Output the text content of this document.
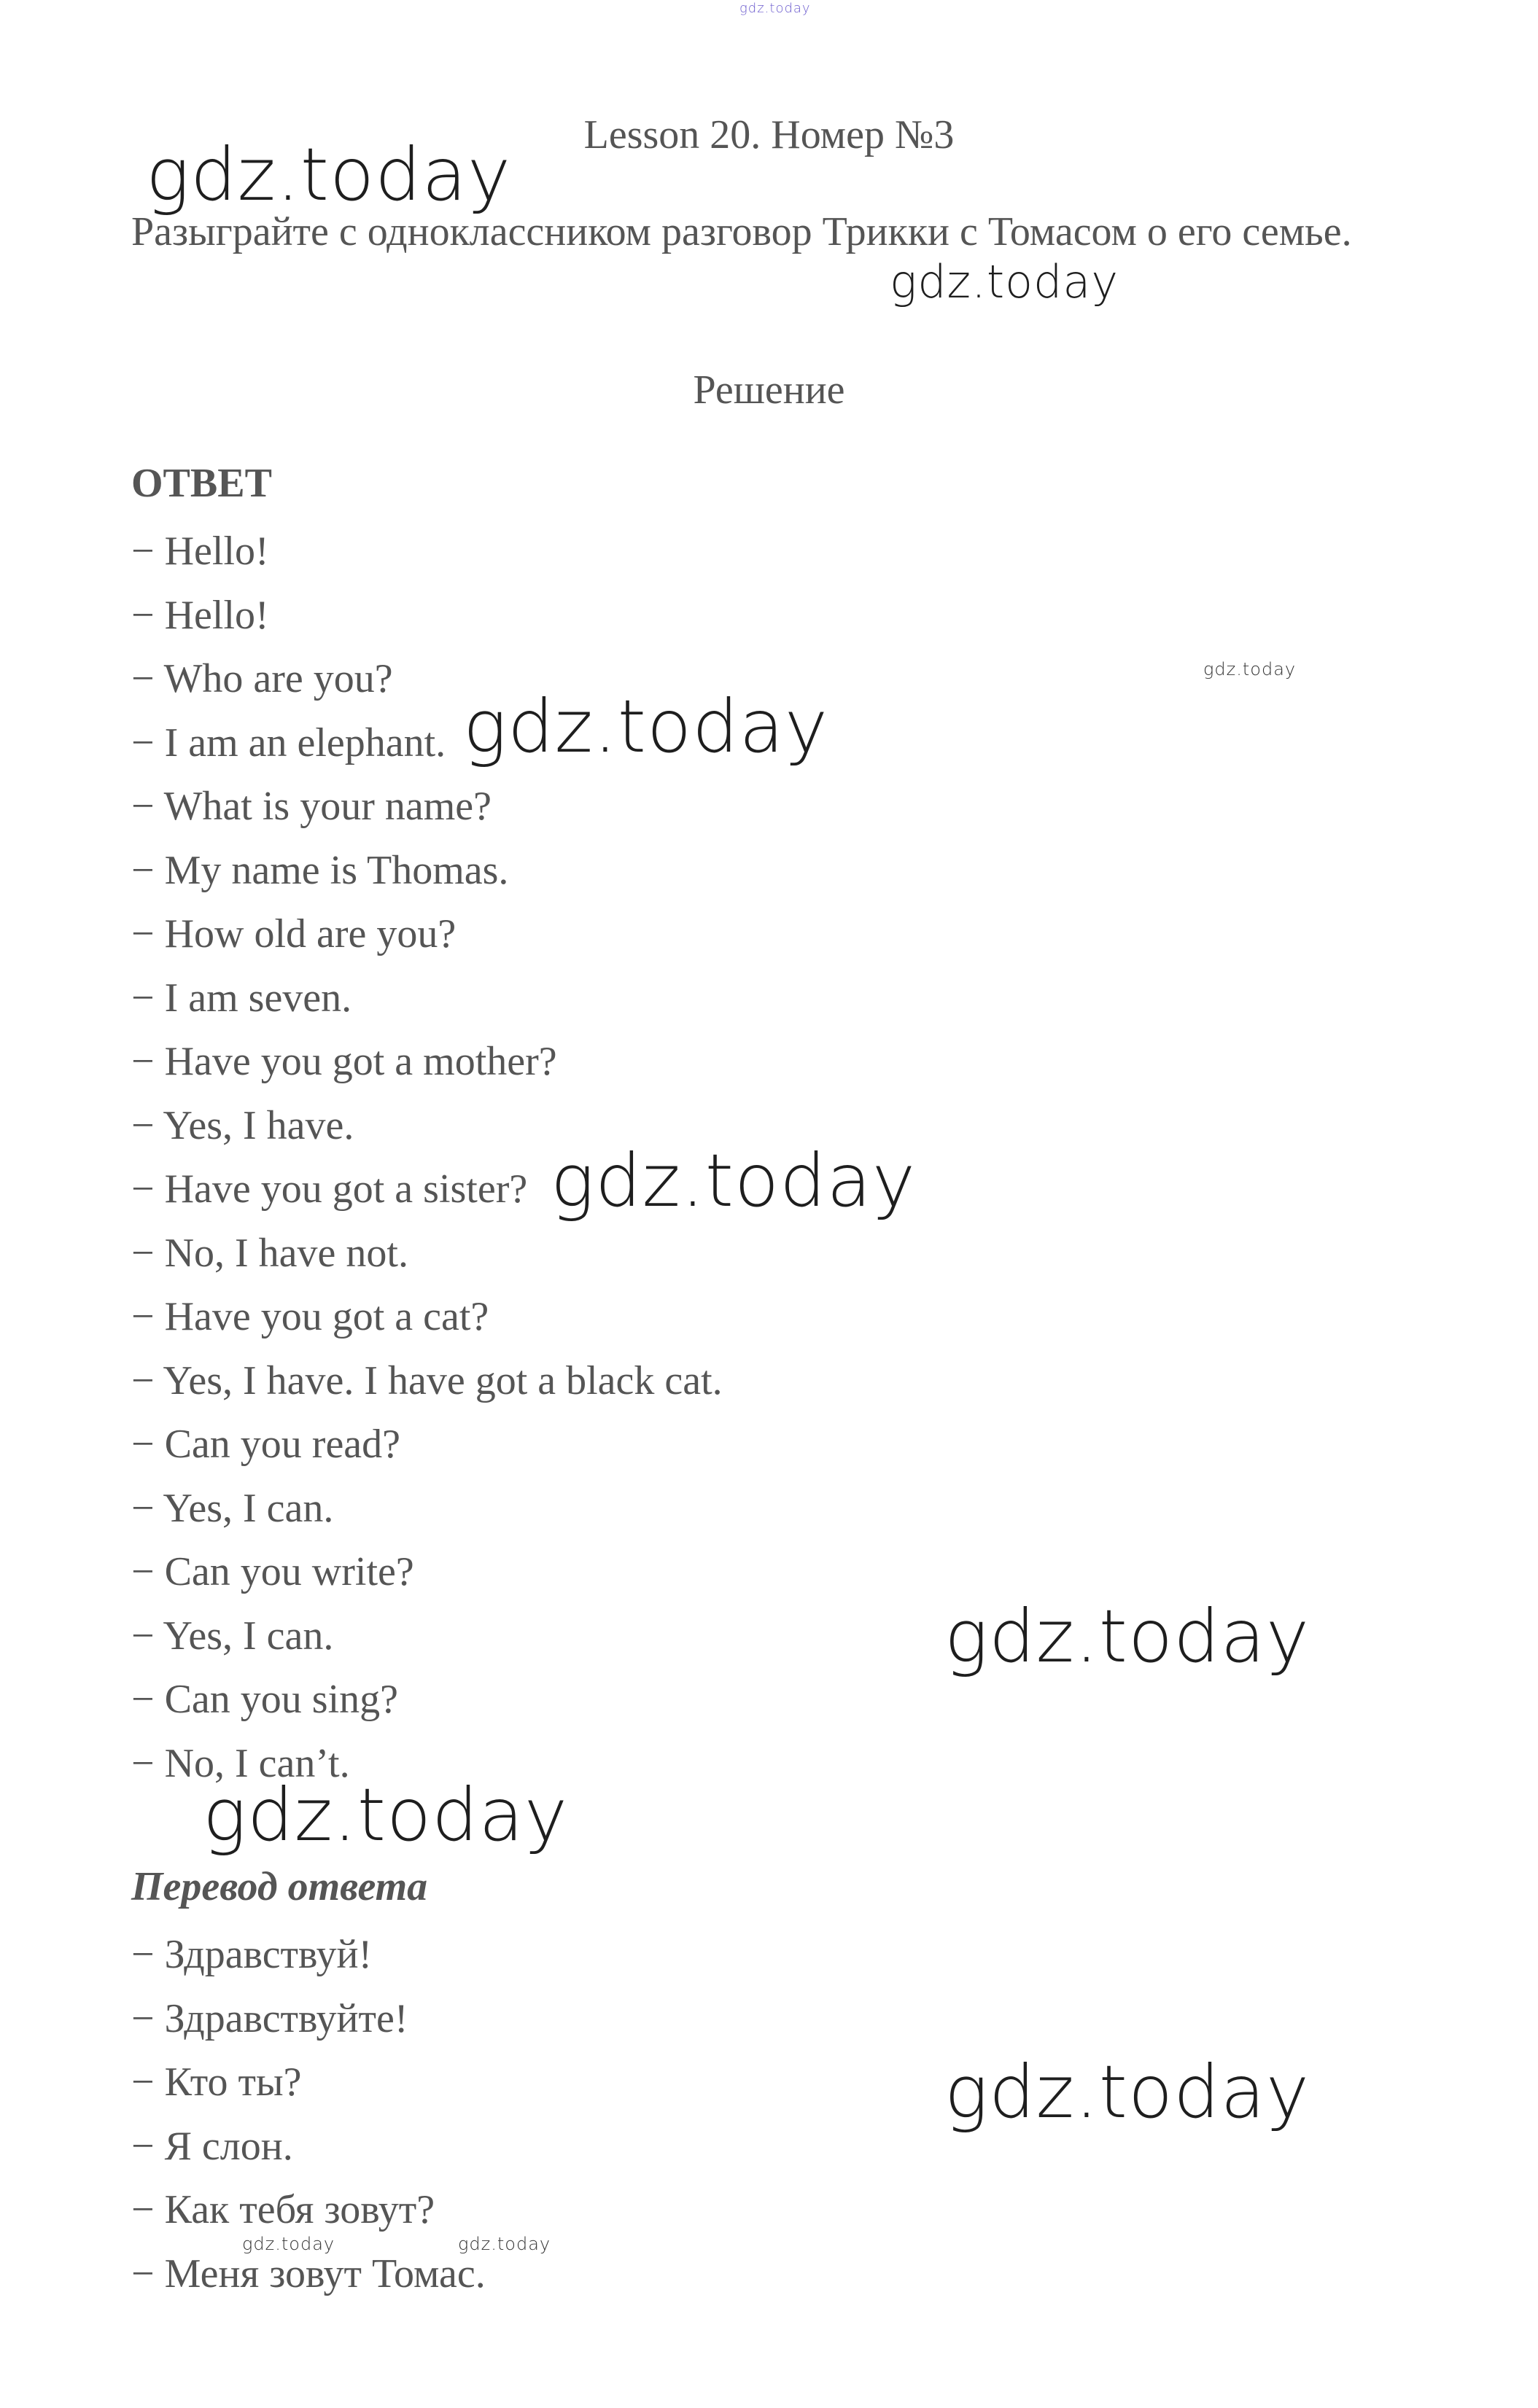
Lesson 20. Номер №3
Разыграйте с одноклассником разговор Трикки с Томасом о его семье.
Решение
ОТВЕТ
− Hello!
− Hello!
− Who are you?
− I am an elephant.
− What is your name?
− My name is Thomas.
− How old are you?
− I am seven.
− Have you got a mother?
− Yes, I have.
− Have you got a sister?
− No, I have not.
− Have you got a cat?
− Yes, I have. I have got a black cat.
− Can you read?
− Yes, I can.
− Can you write?
− Yes, I can.
− Can you sing?
− No, I can’t.
Перевод ответа
− Здравствуй!
− Здравствуйте!
− Кто ты?
− Я слон.
− Как тебя зовут?
− Меня зовут Томас.
gdz.today
gdz.today
gdz.today
gdz.today
gdz.today
gdz.today
gdz.today
gdz.today
gdz.today
gdz.today	gdz.today
